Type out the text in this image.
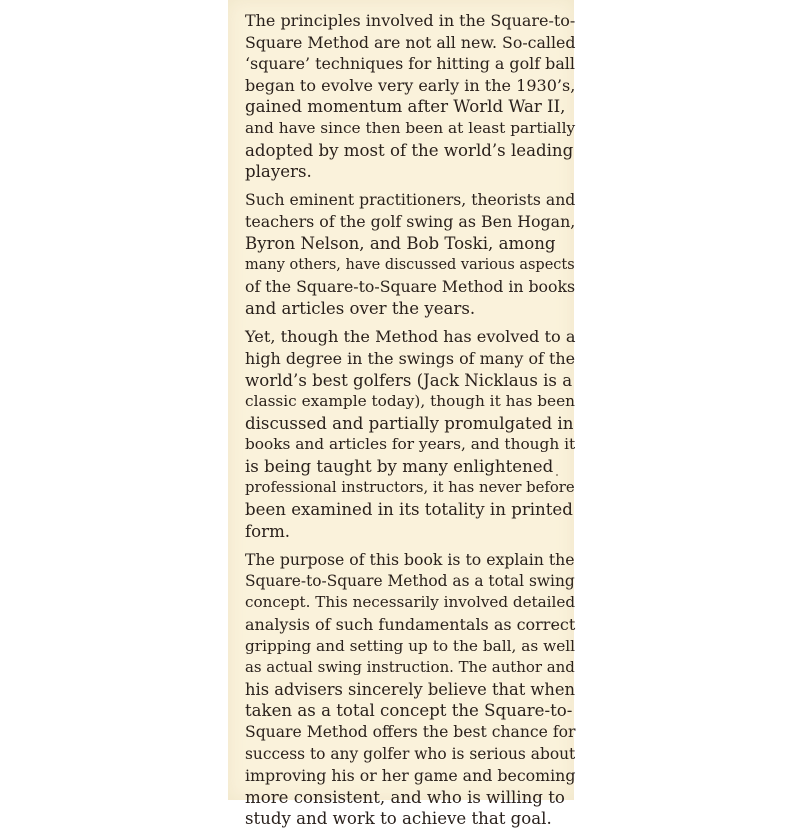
The principles involved in the Square-to-
Square Method are not all new. So-called
‘square’ techniques for hitting a golf ball
began to evolve very early in the 1930’s,
gained momentum after World War II,
and have since then been at least partially
adopted by most of the world’s leading
players.

Such eminent practitioners, theorists and
teachers of the golf swing as Ben Hogan,
Byron Nelson, and Bob Toski, among
many others, have discussed various aspects
of the Square-to-Square Method in books
and articles over the years.

Yet, though the Method has evolved to a
high degree in the swings of many of the
world’s best golfers (Jack Nicklaus is a
classic example today), though it has been
discussed and partially promulgated in
books and articles for years, and though it
is being taught by many enlightened
professional instructors, it has never before
been examined in its totality in printed
form.

The purpose of this book is to explain the
Square-to-Square Method as a total swing
concept. This necessarily involved detailed
analysis of such fundamentals as correct
gripping and setting up to the ball, as well
as actual swing instruction. The author and
his advisers sincerely believe that when
taken as a total concept the Square-to-
Square Method offers the best chance for
success to any golfer who is serious about
improving his or her game and becoming
more consistent, and who is willing to
study and work to achieve that goal.
